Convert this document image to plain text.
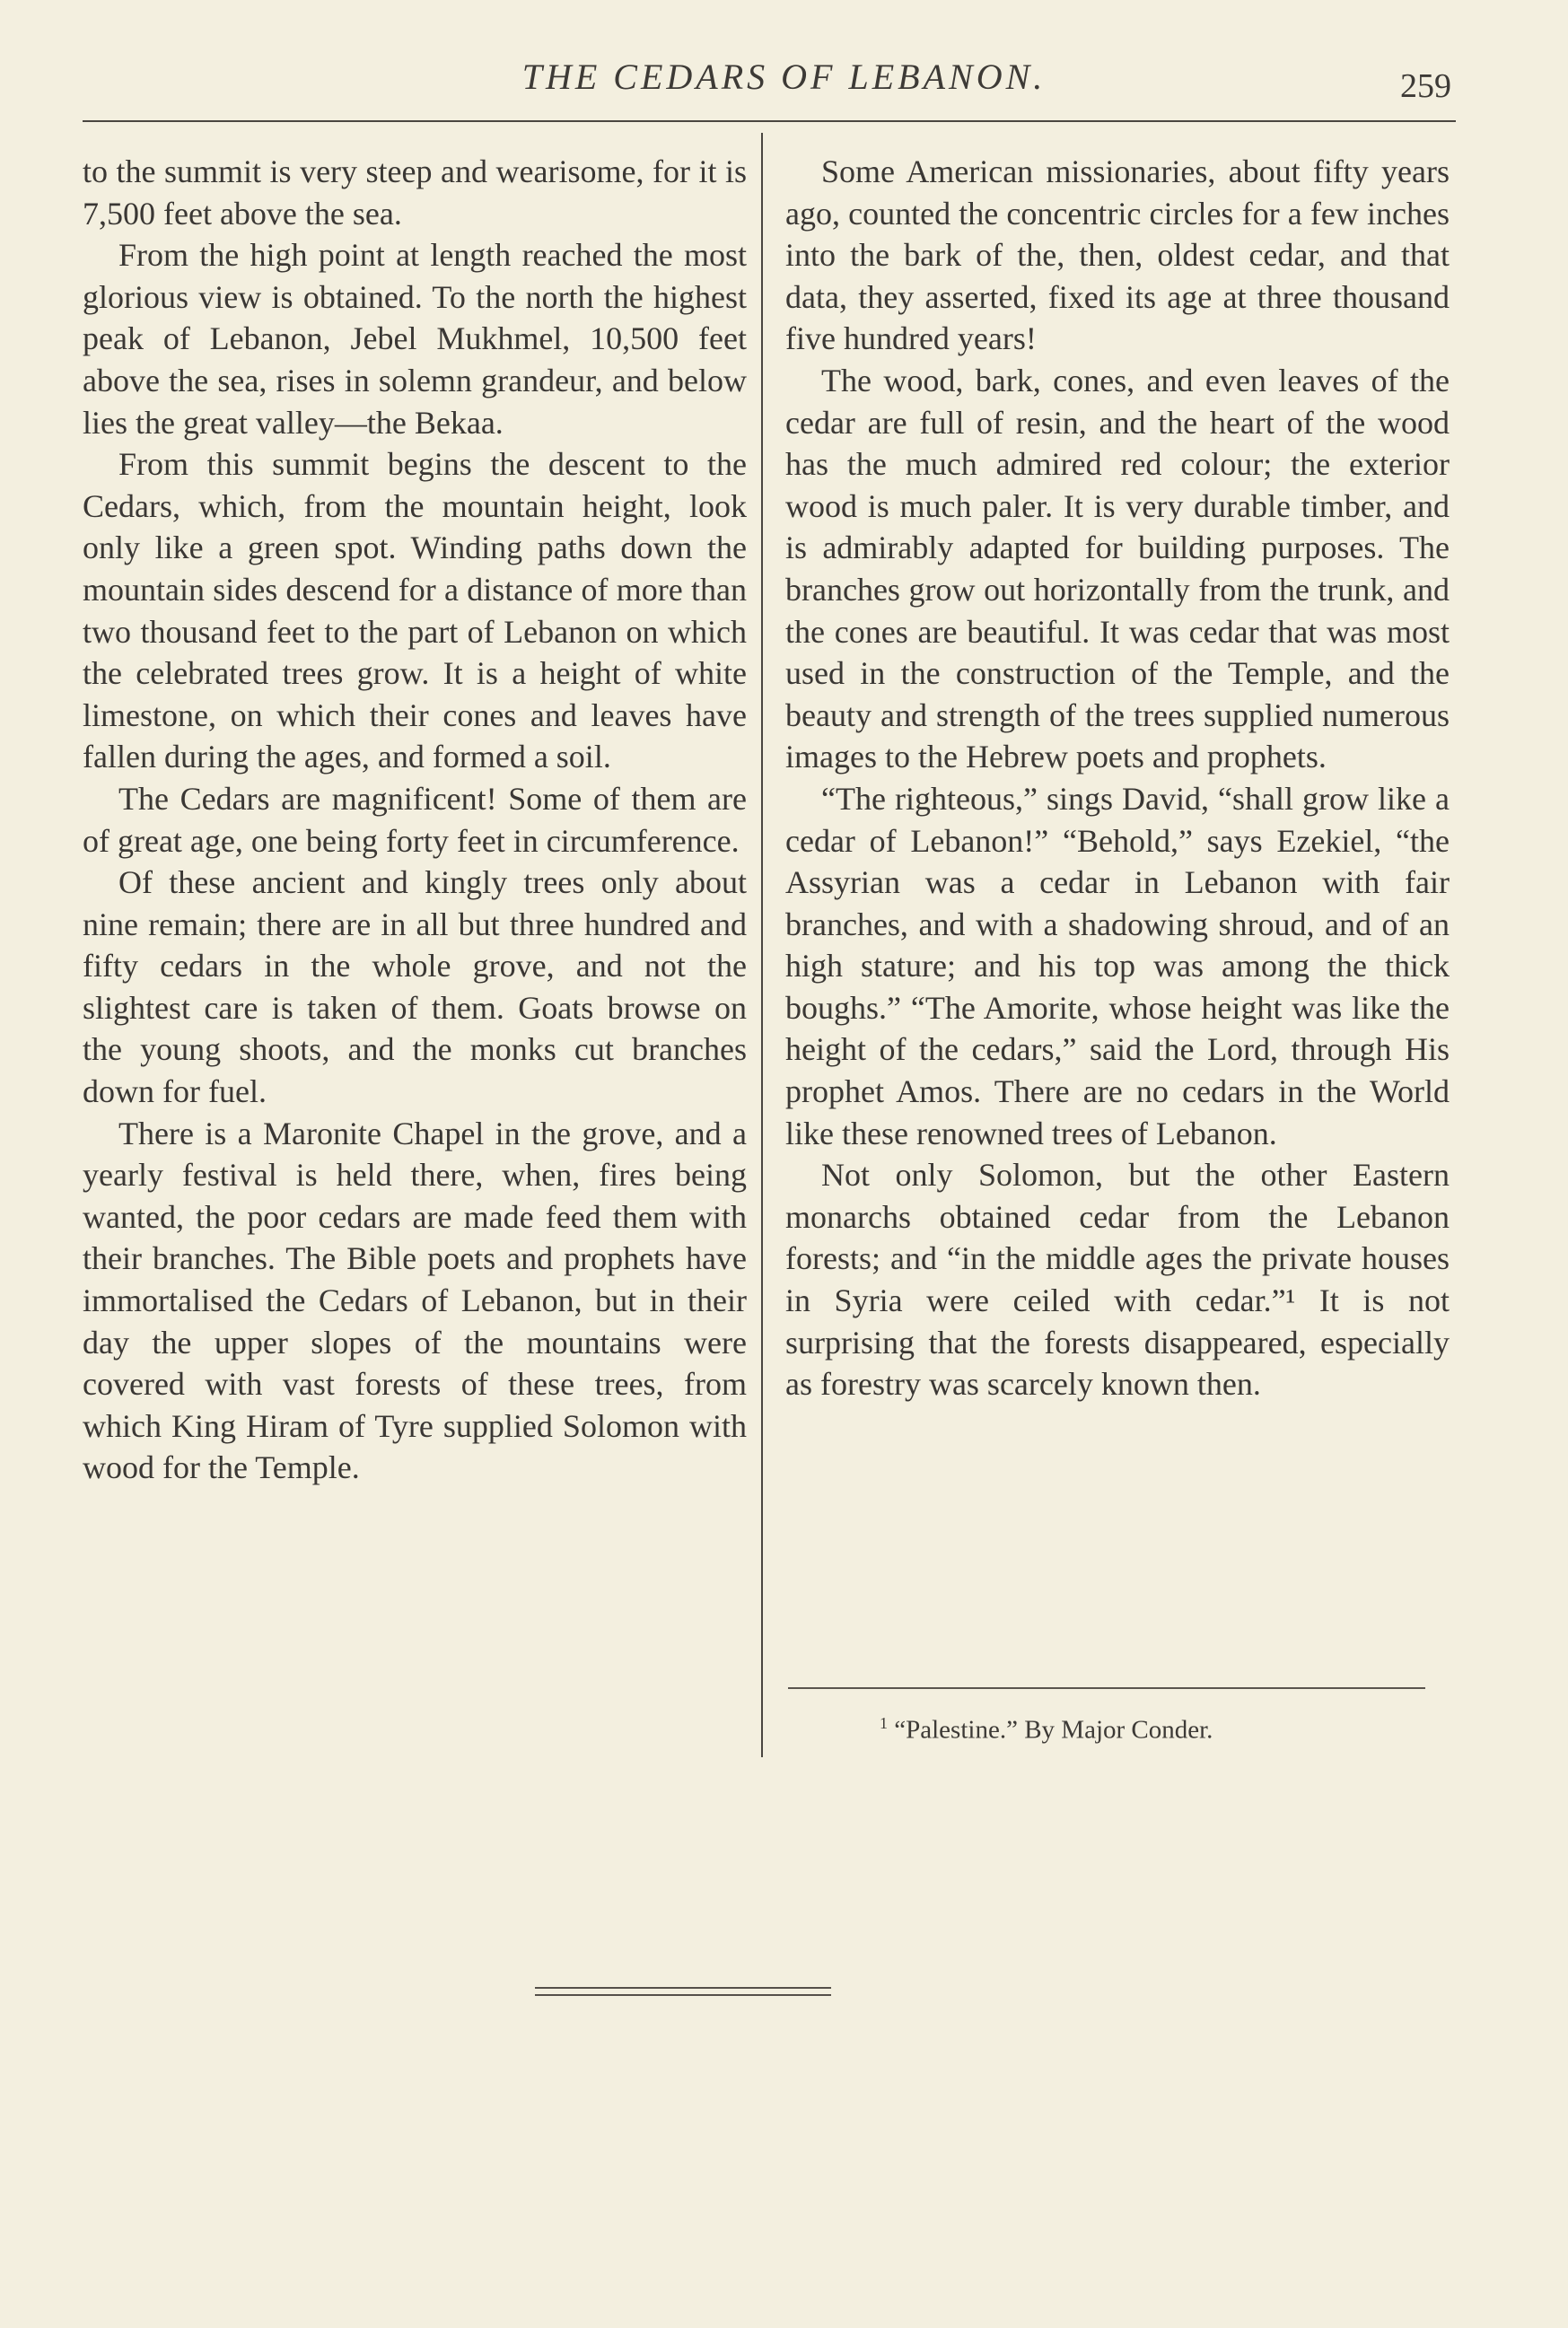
THE CEDARS OF LEBANON.	259

to the summit is very steep and wearisome, for it is 7,500 feet above the sea.

From the high point at length reached the most glorious view is obtained. To the north the highest peak of Lebanon, Jebel Mukhmel, 10,500 feet above the sea, rises in solemn grandeur, and below lies the great valley—the Bekaa.

From this summit begins the descent to the Cedars, which, from the mountain height, look only like a green spot. Winding paths down the mountain sides descend for a distance of more than two thousand feet to the part of Lebanon on which the celebrated trees grow. It is a height of white limestone, on which their cones and leaves have fallen during the ages, and formed a soil.

The Cedars are magnificent! Some of them are of great age, one being forty feet in circumference.

Of these ancient and kingly trees only about nine remain; there are in all but three hundred and fifty cedars in the whole grove, and not the slightest care is taken of them. Goats browse on the young shoots, and the monks cut branches down for fuel.

There is a Maronite Chapel in the grove, and a yearly festival is held there, when, fires being wanted, the poor cedars are made feed them with their branches. The Bible poets and prophets have immortalised the Cedars of Lebanon, but in their day the upper slopes of the mountains were covered with vast forests of these trees, from which King Hiram of Tyre supplied Solomon with wood for the Temple.

Some American missionaries, about fifty years ago, counted the concentric circles for a few inches into the bark of the, then, oldest cedar, and that data, they asserted, fixed its age at three thousand five hundred years!

The wood, bark, cones, and even leaves of the cedar are full of resin, and the heart of the wood has the much admired red colour; the exterior wood is much paler. It is very durable timber, and is admirably adapted for building purposes. The branches grow out horizontally from the trunk, and the cones are beautiful. It was cedar that was most used in the construction of the Temple, and the beauty and strength of the trees supplied numerous images to the Hebrew poets and prophets.

“The righteous,” sings David, “shall grow like a cedar of Lebanon!” “Behold,” says Ezekiel, “the Assyrian was a cedar in Lebanon with fair branches, and with a shadowing shroud, and of an high stature; and his top was among the thick boughs.” “The Amorite, whose height was like the height of the cedars,” said the Lord, through His prophet Amos. There are no cedars in the World like these renowned trees of Lebanon.

Not only Solomon, but the other Eastern monarchs obtained cedar from the Lebanon forests; and “in the middle ages the private houses in Syria were ceiled with cedar.”¹ It is not surprising that the forests disappeared, especially as forestry was scarcely known then.

$^1$ “Palestine.” By Major Conder.
